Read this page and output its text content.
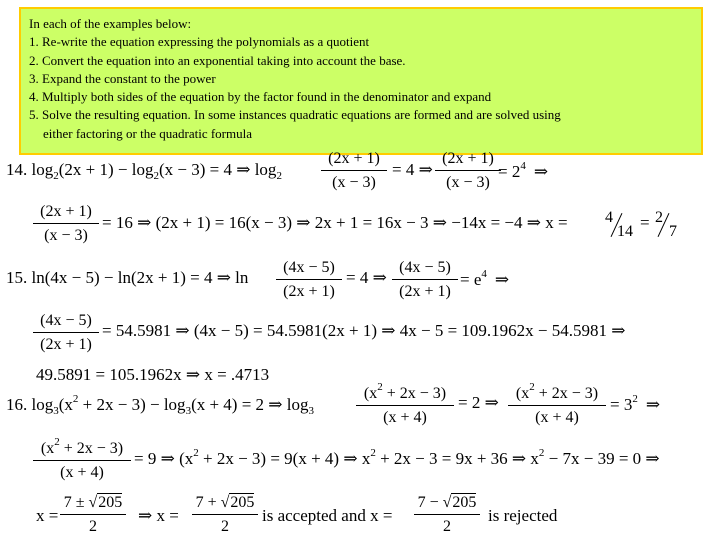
In each of the examples below:
1. Re-write the equation expressing the polynomials as a quotient
2. Convert the equation into an exponential taking into account the base.
3. Expand the constant to the power
4. Multiply both sides of the equation by the factor found in the denominator and expand
5. Solve the resulting equation. In some instances quadratic equations are formed and are solved using
either factoring or the quadratic formula
14. $\log_2(2x + 1) - \log_2(x - 3) = 4$ ⇒ $\log_2 \frac{(2x + 1)}{(x - 3)} = 4$ ⇒ $\frac{(2x + 1)}{(x - 3)}$
= $2^4$ ⇒
$\frac{(2x + 1)}{(x - 3)} = 16$ ⇒ (2x + 1) = 16(x − 3) ⇒ 2x + 1 = 16x − 3 ⇒ −14x = −4 ⇒ x = 4
14 = 2
7
15. ln(4x − 5) − ln(2x + 1) = 4 ⇒ $\ln \frac{(4x - 5)}{(2x + 1)} = 4$ ⇒ $\frac{(4x - 5)}{(2x + 1)} = e^4$ ⇒
$\frac{(4x - 5)}{(2x + 1)} = 54.5981$ ⇒ (4x − 5) = 54.5981(2x + 1) ⇒ 4x − 5 = 109.1962x − 54.5981 ⇒
49.5891 = 105.1962x ⇒ x = .4713
16. $\log_3(x^2 + 2x - 3) - \log_3(x + 4) = 2$ ⇒ $\log_3$	$\frac{(x^2 + 2x - 3)}{(x + 4)} = 2$ ⇒ $\frac{(x^2 + 2x - 3)}{(x + 4)} = 3^2$ ⇒
$\frac{(x^2 + 2x - 3)}{(x + 4)} = 9$ ⇒ $(x^2 + 2x - 3) = 9(x + 4)$ ⇒ $x^2 + 2x - 3 = 9x + 36$ ⇒ $x^2 - 7x - 39 = 0$ ⇒
$x = \frac{7 \pm √205}{2}$ ⇒ $x = \frac{7 + √205}{2}$ is accepted and $x = \frac{7 - √205}{2}$ is rejected
